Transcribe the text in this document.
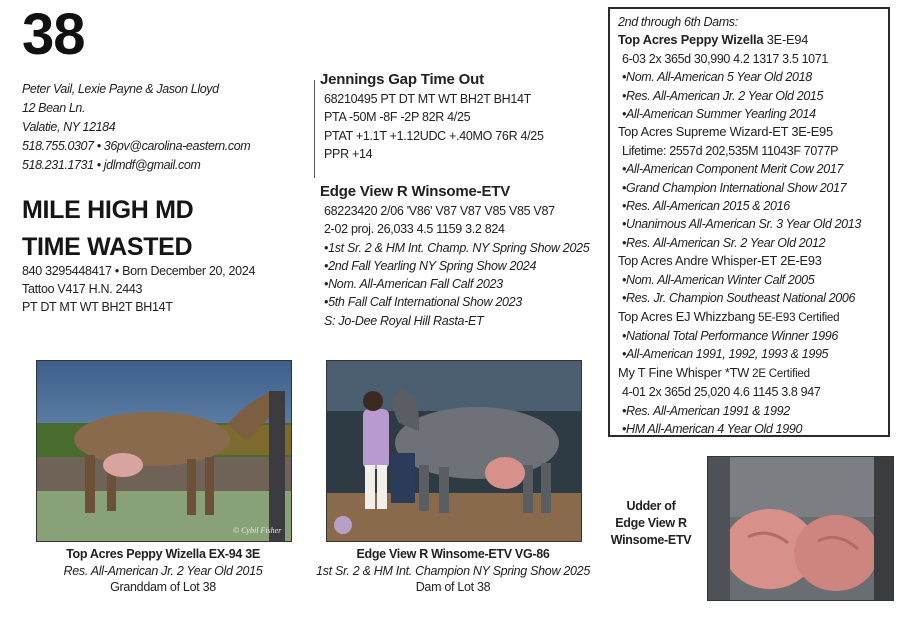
38
Peter Vail, Lexie Payne & Jason Lloyd
12 Bean Ln.
Valatie, NY 12184
518.755.0307 • 36pv@carolina-eastern.com
518.231.1731 • jdlmdf@gmail.com
MILE HIGH MD
TIME WASTED
840 3295448417 • Born December 20, 2024
Tattoo V417 H.N. 2443
PT DT MT WT BH2T BH14T
Jennings Gap Time Out
68210495 PT DT MT WT BH2T BH14T
PTA -50M -8F -2P 82R 4/25
PTAT +1.1T +1.12UDC +.40MO 76R 4/25
PPR +14
Edge View R Winsome-ETV
68223420 2/06 'V86' V87 V87 V85 V85 V87
2-02 proj. 26,033 4.5 1159 3.2 824
•1st Sr. 2 & HM Int. Champ. NY Spring Show 2025
•2nd Fall Yearling NY Spring Show 2024
•Nom. All-American Fall Calf 2023
•5th Fall Calf International Show 2023
S: Jo-Dee Royal Hill Rasta-ET
2nd through 6th Dams:
Top Acres Peppy Wizella 3E-E94
6-03 2x 365d 30,990 4.2 1317 3.5 1071
•Nom. All-American 5 Year Old 2018
•Res. All-American Jr. 2 Year Old 2015
•All-American Summer Yearling 2014
Top Acres Supreme Wizard-ET 3E-E95
Lifetime: 2557d 202,535M 11043F 7077P
•All-American Component Merit Cow 2017
•Grand Champion International Show 2017
•Res. All-American 2015 & 2016
•Unanimous All-American Sr. 3 Year Old 2013
•Res. All-American Sr. 2 Year Old 2012
Top Acres Andre Whisper-ET 2E-E93
•Nom. All-American Winter Calf 2005
•Res. Jr. Champion Southeast National 2006
Top Acres EJ Whizzbang 5E-E93 Certified
•National Total Performance Winner 1996
•All-American 1991, 1992, 1993 & 1995
My T Fine Whisper *TW 2E Certified
4-01 2x 365d 25,020 4.6 1145 3.8 947
•Res. All-American 1991 & 1992
•HM All-American 4 Year Old 1990
© Cybil Fisher
Top Acres Peppy Wizella EX-94 3E
Res. All-American Jr. 2 Year Old 2015
Granddam of Lot 38
Edge View R Winsome-ETV VG-86
1st Sr. 2 & HM Int. Champion NY Spring Show 2025
Dam of Lot 38
Udder of
Edge View R
Winsome-ETV
